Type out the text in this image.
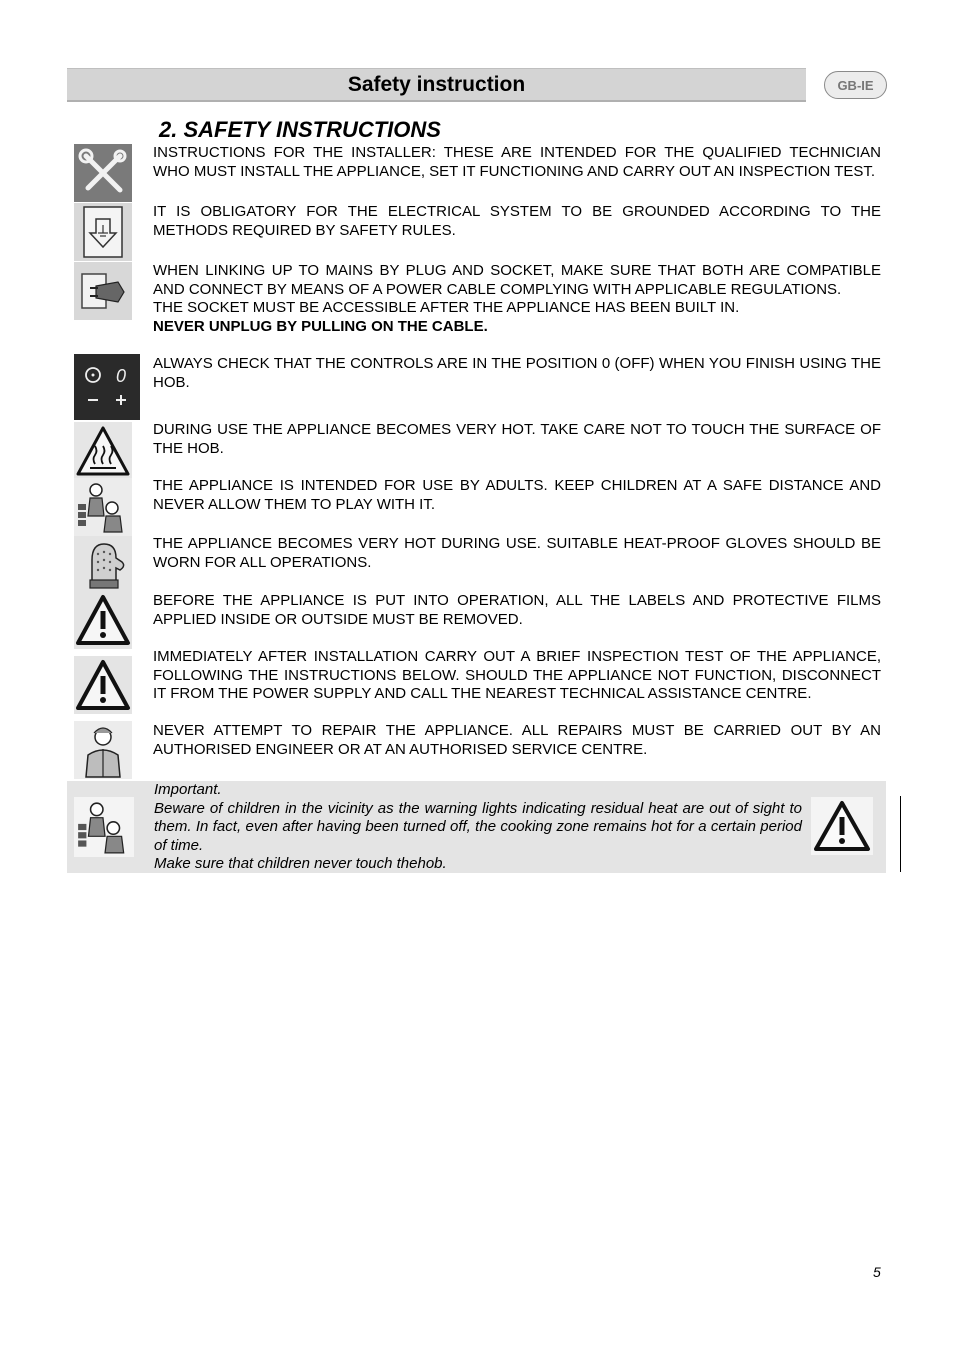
Safety instruction	GB-IE
2. SAFETY INSTRUCTIONS
0

INSTRUCTIONS FOR THE INSTALLER: THESE ARE INTENDED FOR THE QUALIFIED TECHNICIAN WHO MUST INSTALL THE APPLIANCE, SET IT FUNCTIONING AND CARRY OUT AN INSPECTION TEST.

IT IS OBLIGATORY FOR THE ELECTRICAL SYSTEM TO BE GROUNDED ACCORDING TO THE METHODS REQUIRED BY SAFETY RULES.

WHEN LINKING UP TO MAINS BY PLUG AND SOCKET, MAKE SURE THAT BOTH ARE COMPATIBLE AND CONNECT BY MEANS OF A POWER CABLE COMPLYING WITH APPLICABLE REGULATIONS.

THE SOCKET MUST BE ACCESSIBLE AFTER THE APPLIANCE HAS BEEN BUILT IN.

NEVER UNPLUG BY PULLING ON THE CABLE.

ALWAYS CHECK THAT THE CONTROLS ARE IN THE POSITION 0 (OFF) WHEN YOU FINISH USING THE HOB.

DURING USE THE APPLIANCE BECOMES VERY HOT. TAKE CARE NOT TO TOUCH THE SURFACE OF THE HOB.

THE APPLIANCE IS INTENDED FOR USE BY ADULTS. KEEP CHILDREN AT A SAFE DISTANCE AND NEVER ALLOW THEM TO PLAY WITH IT.

THE APPLIANCE BECOMES VERY HOT DURING USE. SUITABLE HEAT-PROOF GLOVES SHOULD BE WORN FOR ALL OPERATIONS.

BEFORE THE APPLIANCE IS PUT INTO OPERATION, ALL THE LABELS AND PROTECTIVE FILMS APPLIED INSIDE OR OUTSIDE MUST BE REMOVED.

IMMEDIATELY AFTER INSTALLATION CARRY OUT A BRIEF INSPECTION TEST OF THE APPLIANCE, FOLLOWING THE INSTRUCTIONS BELOW. SHOULD THE APPLIANCE NOT FUNCTION, DISCONNECT IT FROM THE POWER SUPPLY AND CALL THE NEAREST TECHNICAL ASSISTANCE CENTRE.

NEVER ATTEMPT TO REPAIR THE APPLIANCE. ALL REPAIRS MUST BE CARRIED OUT BY AN AUTHORISED ENGINEER OR AT AN AUTHORISED SERVICE CENTRE.

Important.

Beware of children in the vicinity as the warning lights indicating residual heat are out of sight to them. In fact, even after having been turned off, the cooking zone remains hot for a certain period of time.

Make sure that children never touch thehob.

5
